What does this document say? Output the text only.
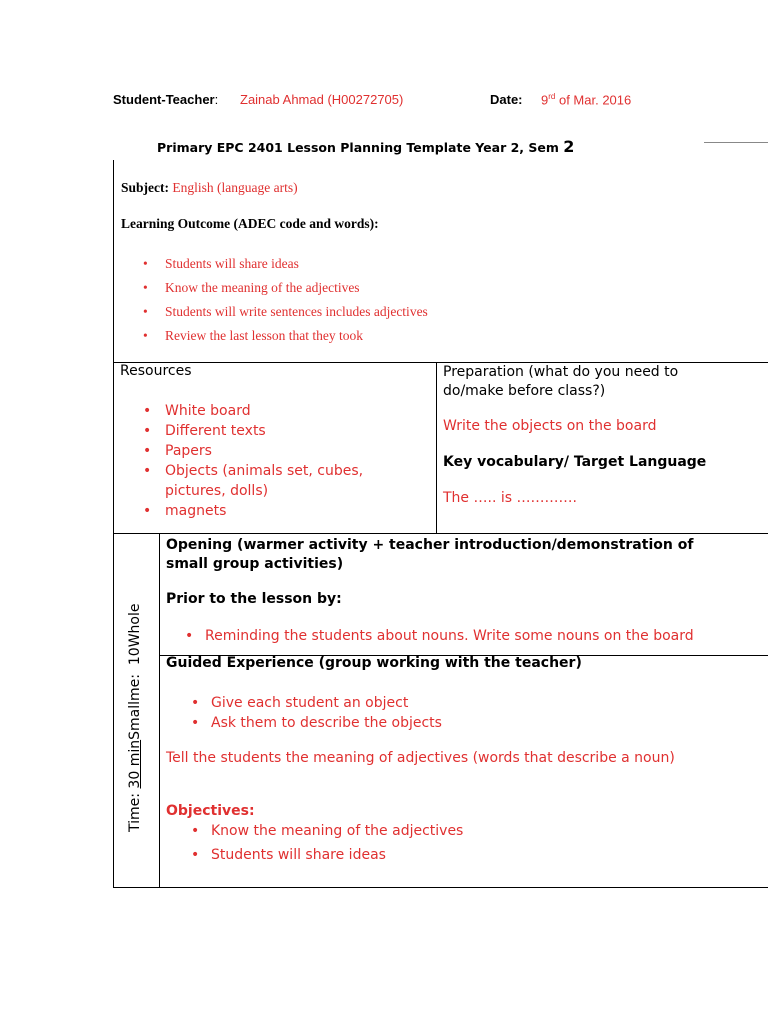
Student-Teacher: Zainab Ahmad (H00272705)	Date: 9rd of Mar. 2016
Primary EPC 2401 Lesson Planning Template Year 2, Sem 2
Subject: English (language arts)
Learning Outcome (ADEC code and words):
• Students will share ideas
• Know the meaning of the adjectives
• Students will write sentences includes adjectives
• Review the last lesson that they took
Resources
• White board
• Different texts
• Papers
• Objects (animals set, cubes,
pictures, dolls)
• magnets
Preparation (what do you need to
do/make before class?)
Write the objects on the board
Key vocabulary/ Target Language
The ….. is ………….
Time: 30 minSmallme:  10Whole
Opening (warmer activity + teacher introduction/demonstration of
small group activities)
Prior to the lesson by:
• Reminding the students about nouns. Write some nouns on the board
Guided Experience (group working with the teacher)
• Give each student an object
• Ask them to describe the objects
Tell the students the meaning of adjectives (words that describe a noun)
Objectives:
• Know the meaning of the adjectives
• Students will share ideas
